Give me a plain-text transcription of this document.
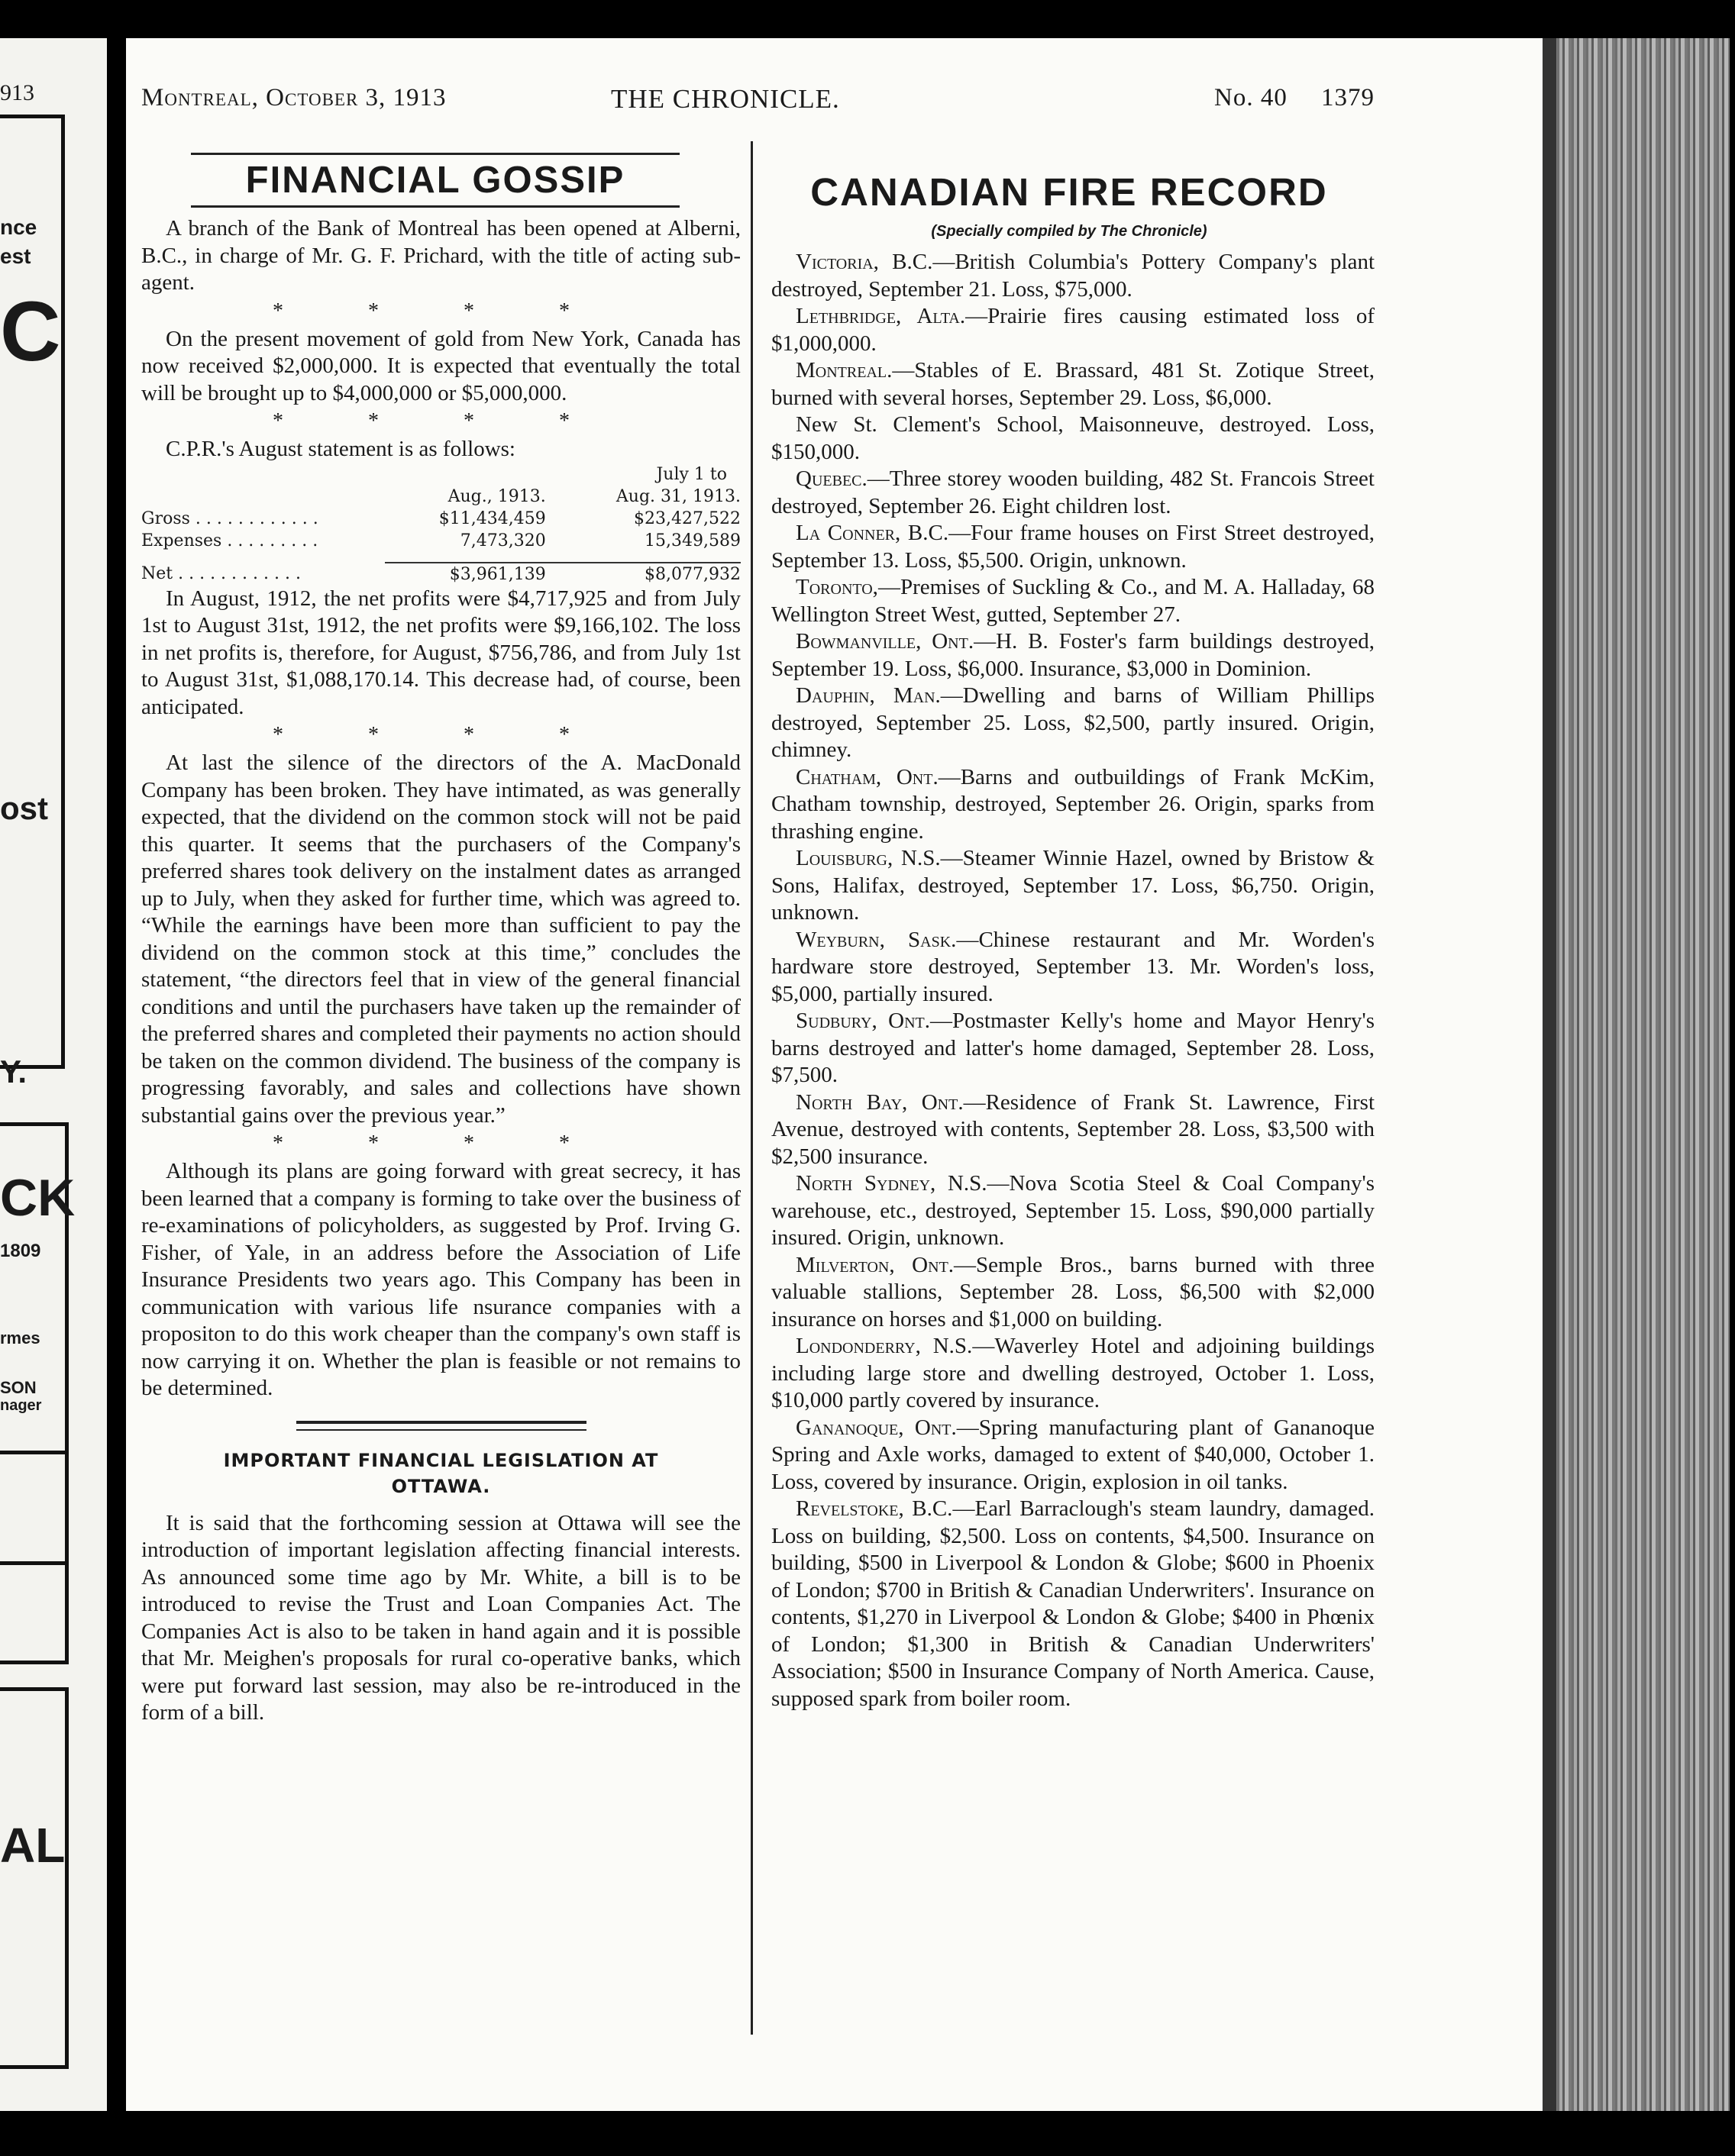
913
nce
est
C
ost
Y.
CK
1809
rmes
SON
nager
AL
Montreal, October 3, 1913	THE CHRONICLE.	No. 40 1379
FINANCIAL GOSSIP

A branch of the Bank of Montreal has been opened at Alberni, B.C., in charge of Mr. G. F. Prichard, with the title of acting sub-agent.

* * * *

On the present movement of gold from New York, Canada has now received $2,000,000. It is expected that eventually the total will be brought up to $4,000,000 or $5,000,000.

* * * *

C.P.R.'s August statement is as follows:

		July 1 to
	Aug., 1913.	Aug. 31, 1913.
Gross . . . . . . . . . . . .	$11,434,459	$23,427,522
Expenses . . . . . . . . .	7,473,320	15,349,589

Net . . . . . . . . . . . .	$3,961,139	$8,077,932

In August, 1912, the net profits were $4,717,925 and from July 1st to August 31st, 1912, the net profits were $9,166,102. The loss in net profits is, therefore, for August, $756,786, and from July 1st to August 31st, $1,088,170.14. This decrease had, of course, been anticipated.

* * * *

At last the silence of the directors of the A. MacDonald Company has been broken. They have intimated, as was generally expected, that the dividend on the common stock will not be paid this quarter. It seems that the purchasers of the Company's preferred shares took delivery on the instalment dates as arranged up to July, when they asked for further time, which was agreed to. “While the earnings have been more than sufficient to pay the dividend on the common stock at this time,” concludes the statement, “the directors feel that in view of the general financial conditions and until the purchasers have taken up the remainder of the preferred shares and completed their payments no action should be taken on the common dividend. The business of the company is progressing favorably, and sales and collections have shown substantial gains over the previous year.”

* * * *

Although its plans are going forward with great secrecy, it has been learned that a company is forming to take over the business of re-examinations of policyholders, as suggested by Prof. Irving G. Fisher, of Yale, in an address before the Association of Life Insurance Presidents two years ago. This Company has been in communication with various life nsurance companies with a propositon to do this work cheaper than the company's own staff is now carrying it on. Whether the plan is feasible or not remains to be determined.

IMPORTANT FINANCIAL LEGISLATION AT
OTTAWA.

It is said that the forthcoming session at Ottawa will see the introduction of important legislation affecting financial interests. As announced some time ago by Mr. White, a bill is to be introduced to revise the Trust and Loan Companies Act. The Companies Act is also to be taken in hand again and it is possible that Mr. Meighen's proposals for rural co-operative banks, which were put forward last session, may also be re-introduced in the form of a bill.

CANADIAN FIRE RECORD
(Specially compiled by The Chronicle)

Victoria, B.C.—British Columbia's Pottery Company's plant destroyed, September 21. Loss, $75,000.

Lethbridge, Alta.—Prairie fires causing estimated loss of $1,000,000.

Montreal.—Stables of E. Brassard, 481 St. Zotique Street, burned with several horses, September 29. Loss, $6,000.

New St. Clement's School, Maisonneuve, destroyed. Loss, $150,000.

Quebec.—Three storey wooden building, 482 St. Francois Street destroyed, September 26. Eight children lost.

La Conner, B.C.—Four frame houses on First Street destroyed, September 13. Loss, $5,500. Origin, unknown.

Toronto,—Premises of Suckling & Co., and M. A. Halladay, 68 Wellington Street West, gutted, September 27.

Bowmanville, Ont.—H. B. Foster's farm buildings destroyed, September 19. Loss, $6,000. Insurance, $3,000 in Dominion.

Dauphin, Man.—Dwelling and barns of William Phillips destroyed, September 25. Loss, $2,500, partly insured. Origin, chimney.

Chatham, Ont.—Barns and outbuildings of Frank McKim, Chatham township, destroyed, September 26. Origin, sparks from thrashing engine.

Louisburg, N.S.—Steamer Winnie Hazel, owned by Bristow & Sons, Halifax, destroyed, September 17. Loss, $6,750. Origin, unknown.

Weyburn, Sask.—Chinese restaurant and Mr. Worden's hardware store destroyed, September 13. Mr. Worden's loss, $5,000, partially insured.

Sudbury, Ont.—Postmaster Kelly's home and Mayor Henry's barns destroyed and latter's home damaged, September 28. Loss, $7,500.

North Bay, Ont.—Residence of Frank St. Lawrence, First Avenue, destroyed with contents, September 28. Loss, $3,500 with $2,500 insurance.

North Sydney, N.S.—Nova Scotia Steel & Coal Company's warehouse, etc., destroyed, September 15. Loss, $90,000 partially insured. Origin, unknown.

Milverton, Ont.—Semple Bros., barns burned with three valuable stallions, September 28. Loss, $6,500 with $2,000 insurance on horses and $1,000 on building.

Londonderry, N.S.—Waverley Hotel and adjoining buildings including large store and dwelling destroyed, October 1. Loss, $10,000 partly covered by insurance.

Gananoque, Ont.—Spring manufacturing plant of Gananoque Spring and Axle works, damaged to extent of $40,000, October 1. Loss, covered by insurance. Origin, explosion in oil tanks.

Revelstoke, B.C.—Earl Barraclough's steam laundry, damaged. Loss on building, $2,500. Loss on contents, $4,500. Insurance on building, $500 in Liverpool & London & Globe; $600 in Phoenix of London; $700 in British & Canadian Underwriters'. Insurance on contents, $1,270 in Liverpool & London & Globe; $400 in Phœnix of London; $1,300 in British & Canadian Underwriters' Association; $500 in Insurance Company of North America. Cause, supposed spark from boiler room.
